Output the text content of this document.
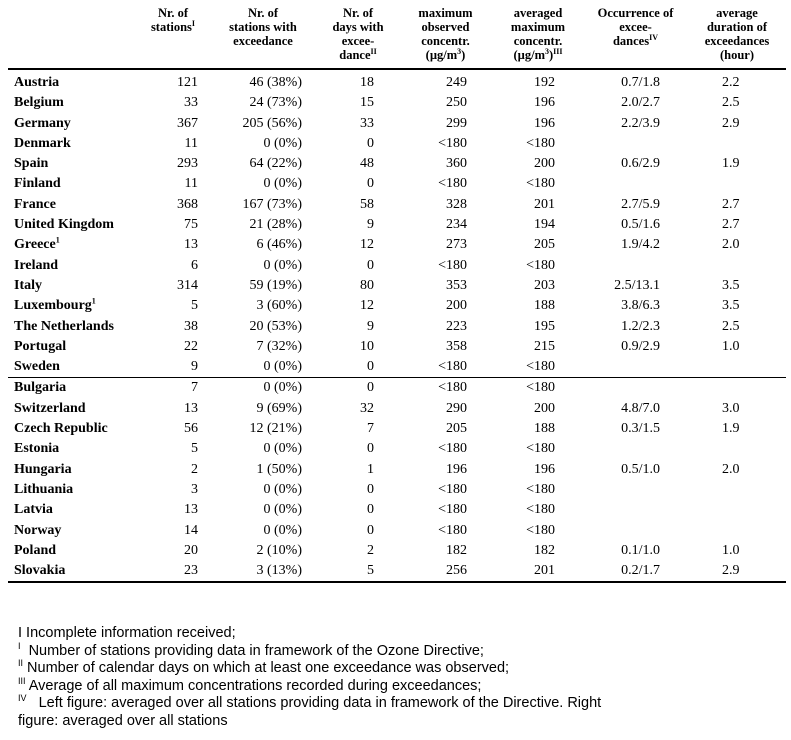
	Nr. of
stations$^I$	Nr. of
stations with
exceedance	Nr. of
days with
excee-
dance$^{II}$	maximum
observed
concentr.
$(\mu g/m^3)$	averaged
maximum
concentr.
$(\mu g/m^3)^{III}$	Occurrence of
excee-
dances$^{IV}$	average
duration of
exceedances
(hour)
Austria	121	46 (38%)	18	249	192	0.7/1.8	2.2
Belgium	33	24 (73%)	15	250	196	2.0/2.7	2.5
Germany	367	205 (56%)	33	299	196	2.2/3.9	2.9
Denmark	11	0 (0%)	0	<180	<180		
Spain	293	64 (22%)	48	360	200	0.6/2.9	1.9
Finland	11	0 (0%)	0	<180	<180		
France	368	167 (73%)	58	328	201	2.7/5.9	2.7
United Kingdom	75	21 (28%)	9	234	194	0.5/1.6	2.7
Greece$^1$	13	6 (46%)	12	273	205	1.9/4.2	2.0
Ireland	6	0 (0%)	0	<180	<180		
Italy	314	59 (19%)	80	353	203	2.5/13.1	3.5
Luxembourg$^1$	5	3 (60%)	12	200	188	3.8/6.3	3.5
The Netherlands	38	20 (53%)	9	223	195	1.2/2.3	2.5
Portugal	22	7 (32%)	10	358	215	0.9/2.9	1.0
Sweden	9	0 (0%)	0	<180	<180		
Bulgaria	7	0 (0%)	0	<180	<180		
Switzerland	13	9 (69%)	32	290	200	4.8/7.0	3.0
Czech Republic	56	12 (21%)	7	205	188	0.3/1.5	1.9
Estonia	5	0 (0%)	0	<180	<180		
Hungaria	2	1 (50%)	1	196	196	0.5/1.0	2.0
Lithuania	3	0 (0%)	0	<180	<180		
Latvia	13	0 (0%)	0	<180	<180		
Norway	14	0 (0%)	0	<180	<180		
Poland	20	2 (10%)	2	182	182	0.1/1.0	1.0
Slovakia	23	3 (13%)	5	256	201	0.2/1.7	2.9
I Incomplete information received;
$^I$  Number of stations providing data in framework of the Ozone Directive;
$^{II}$ Number of calendar days on which at least one exceedance was observed;
$^{III}$ Average of all maximum concentrations recorded during exceedances;
$^{IV}$   Left figure: averaged over all stations providing data in framework of the Directive. Right
figure: averaged over all stations
